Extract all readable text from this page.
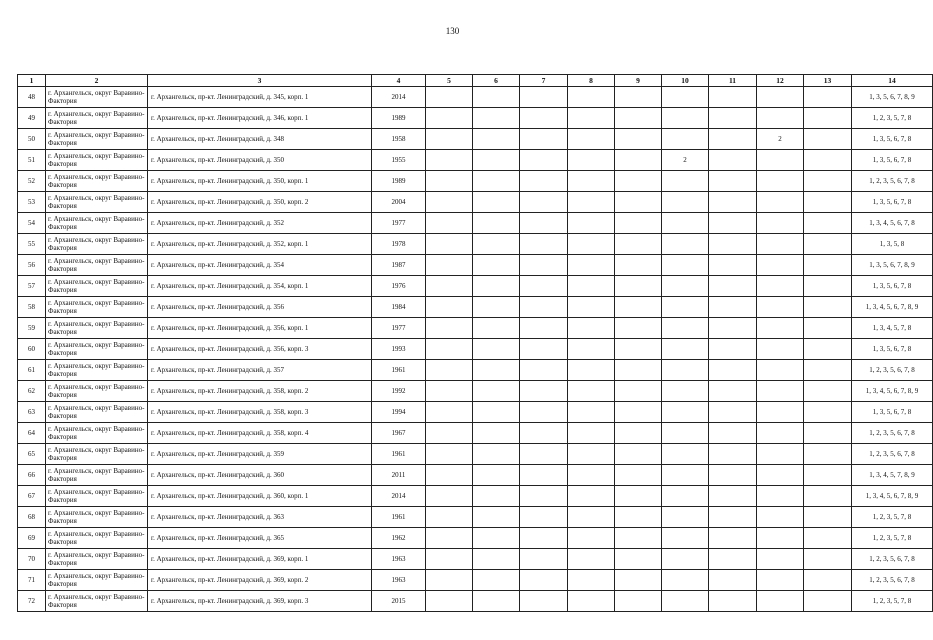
130
1	2	3	4	5	6	7	8	9	10	11	12	13	14
48	г. Архангельск, округ Варавино-Фактория	г. Архангельск, пр-кт. Ленинградский, д. 345, корп. 1	2014										1, 3, 5, 6, 7, 8, 9
49	г. Архангельск, округ Варавино-Фактория	г. Архангельск, пр-кт. Ленинградский, д. 346, корп. 1	1989										1, 2, 3, 5, 7, 8
50	г. Архангельск, округ Варавино-Фактория	г. Архангельск, пр-кт. Ленинградский, д. 348	1958								2		1, 3, 5, 6, 7, 8
51	г. Архангельск, округ Варавино-Фактория	г. Архангельск, пр-кт. Ленинградский, д. 350	1955						2				1, 3, 5, 6, 7, 8
52	г. Архангельск, округ Варавино-Фактория	г. Архангельск, пр-кт. Ленинградский, д. 350, корп. 1	1989										1, 2, 3, 5, 6, 7, 8
53	г. Архангельск, округ Варавино-Фактория	г. Архангельск, пр-кт. Ленинградский, д. 350, корп. 2	2004										1, 3, 5, 6, 7, 8
54	г. Архангельск, округ Варавино-Фактория	г. Архангельск, пр-кт. Ленинградский, д. 352	1977										1, 3, 4, 5, 6, 7, 8
55	г. Архангельск, округ Варавино-Фактория	г. Архангельск, пр-кт. Ленинградский, д. 352, корп. 1	1978										1, 3, 5, 8
56	г. Архангельск, округ Варавино-Фактория	г. Архангельск, пр-кт. Ленинградский, д. 354	1987										1, 3, 5, 6, 7, 8, 9
57	г. Архангельск, округ Варавино-Фактория	г. Архангельск, пр-кт. Ленинградский, д. 354, корп. 1	1976										1, 3, 5, 6, 7, 8
58	г. Архангельск, округ Варавино-Фактория	г. Архангельск, пр-кт. Ленинградский, д. 356	1984										1, 3, 4, 5, 6, 7, 8, 9
59	г. Архангельск, округ Варавино-Фактория	г. Архангельск, пр-кт. Ленинградский, д. 356, корп. 1	1977										1, 3, 4, 5, 7, 8
60	г. Архангельск, округ Варавино-Фактория	г. Архангельск, пр-кт. Ленинградский, д. 356, корп. 3	1993										1, 3, 5, 6, 7, 8
61	г. Архангельск, округ Варавино-Фактория	г. Архангельск, пр-кт. Ленинградский, д. 357	1961										1, 2, 3, 5, 6, 7, 8
62	г. Архангельск, округ Варавино-Фактория	г. Архангельск, пр-кт. Ленинградский, д. 358, корп. 2	1992										1, 3, 4, 5, 6, 7, 8, 9
63	г. Архангельск, округ Варавино-Фактория	г. Архангельск, пр-кт. Ленинградский, д. 358, корп. 3	1994										1, 3, 5, 6, 7, 8
64	г. Архангельск, округ Варавино-Фактория	г. Архангельск, пр-кт. Ленинградский, д. 358, корп. 4	1967										1, 2, 3, 5, 6, 7, 8
65	г. Архангельск, округ Варавино-Фактория	г. Архангельск, пр-кт. Ленинградский, д. 359	1961										1, 2, 3, 5, 6, 7, 8
66	г. Архангельск, округ Варавино-Фактория	г. Архангельск, пр-кт. Ленинградский, д. 360	2011										1, 3, 4, 5, 7, 8, 9
67	г. Архангельск, округ Варавино-Фактория	г. Архангельск, пр-кт. Ленинградский, д. 360, корп. 1	2014										1, 3, 4, 5, 6, 7, 8, 9
68	г. Архангельск, округ Варавино-Фактория	г. Архангельск, пр-кт. Ленинградский, д. 363	1961										1, 2, 3, 5, 7, 8
69	г. Архангельск, округ Варавино-Фактория	г. Архангельск, пр-кт. Ленинградский, д. 365	1962										1, 2, 3, 5, 7, 8
70	г. Архангельск, округ Варавино-Фактория	г. Архангельск, пр-кт. Ленинградский, д. 369, корп. 1	1963										1, 2, 3, 5, 6, 7, 8
71	г. Архангельск, округ Варавино-Фактория	г. Архангельск, пр-кт. Ленинградский, д. 369, корп. 2	1963										1, 2, 3, 5, 6, 7, 8
72	г. Архангельск, округ Варавино-Фактория	г. Архангельск, пр-кт. Ленинградский, д. 369, корп. 3	2015										1, 2, 3, 5, 7, 8
